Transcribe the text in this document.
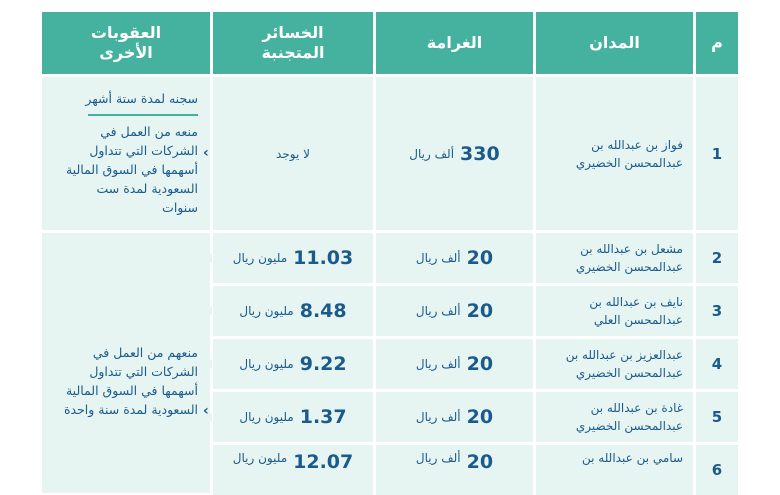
م
المدان
الغرامة
الخسائر المتجنبة
العقوبات الأخرى
1
فواز بن عبدالله بن عبدالمحسن الخضيري
330
ألف ريال
لا يوجد
سجنه لمدة ستة أشهر
منعه من العمل في الشركات التي تتداول أسهمها في السوق المالية السعودية لمدة ست سنوات
‹
2
مشعل بن عبدالله بن عبدالمحسن الخضيري
20
ألف ريال
11.03
مليون ريال
3
نايف بن عبدالله بن عبدالمحسن العلي
20
ألف ريال
8.48
مليون ريال
4
عبدالعزيز بن عبدالله بن عبدالمحسن الخضيري
20
ألف ريال
9.22
مليون ريال
5
غادة بن عبدالله بن عبدالمحسن الخضيري
20
ألف ريال
1.37
مليون ريال
6
سامي بن عبدالله بن
20
ألف ريال
12.07
مليون ريال
منعهم من العمل في الشركات التي تتداول أسهمها في السوق المالية السعودية لمدة سنة واحدة ‹
